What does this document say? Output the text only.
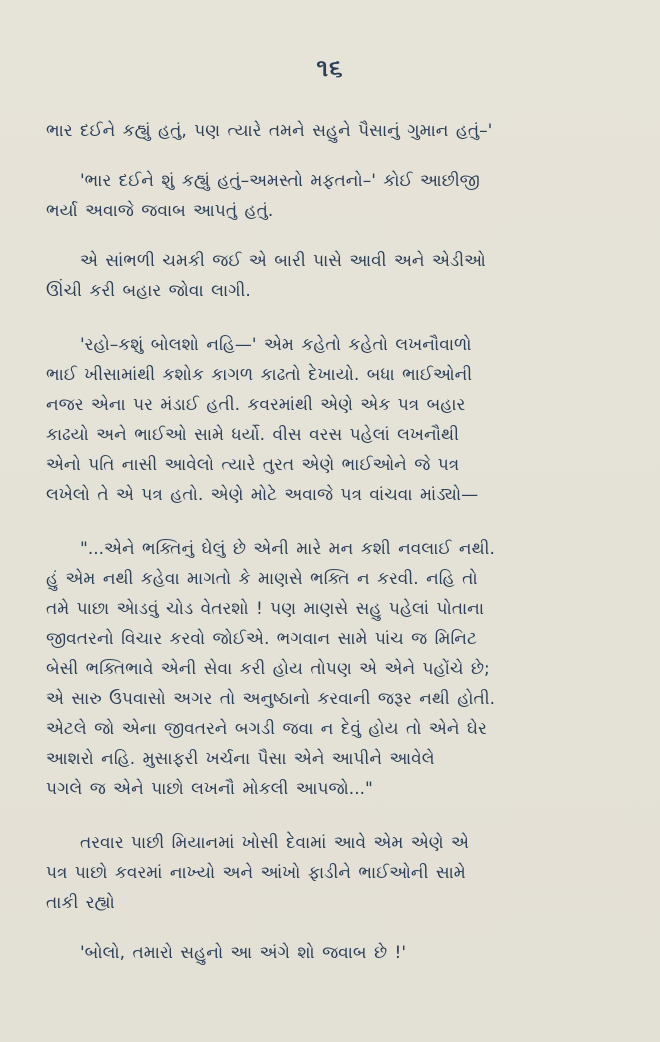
૧૬

ભાર દઈને કહ્યું હતું, પણ ત્યારે તમને સહુને પૈસાનું ગુમાન હતું–'

'ભાર દઈને શું કહ્યું હતું–અમસ્તો મફતનો–' કોઈ આછીજી
ભર્યા અવાજે જવાબ આપતું હતું.

એ સાંભળી ચમકી જઈ એ બારી પાસે આવી અને એડીઓ
ઊંચી કરી બહાર જોવા લાગી.

'રહો–કશું બોલશો નહિ—' એમ કહેતો કહેતો લખનૌવાળો
ભાઈ ખીસામાંથી કશોક કાગળ કાઢતો દેખાયો. બધા ભાઈઓની
નજર એના પર મંડાઈ હતી. કવરમાંથી એણે એક પત્ર બહાર
કાઢયો અને ભાઈઓ સામે ધર્યો. વીસ વરસ પહેલાં લખનૌથી
એનો પતિ નાસી આવેલો ત્યારે તુરત એણે ભાઈઓને જે પત્ર
લખેલો તે એ પત્ર હતો. એણે મોટે અવાજે પત્ર વાંચવા માંડ્યો—

"...એને ભક્તિનું ઘેલું છે એની મારે મન કશી નવલાઈ નથી.
હું એમ નથી કહેવા માગતો કે માણસે ભક્તિ ન કરવી. નહિ તો
તમે પાછા એાડવું ચોડ વેતરશો ! પણ માણસે સહુ પહેલાં પોતાના
જીવતરનો વિચાર કરવો જોઈએ. ભગવાન સામે પાંચ જ મિનિટ
બેસી ભક્તિભાવે એની સેવા કરી હોય તોપણ એ એને પહોંચે છે;
એ સારુ ઉપવાસો અગર તો અનુષ્ઠાનો કરવાની જરૂર નથી હોતી.
એટલે જો એના જીવતરને બગડી જવા ન દેવું હોય તો એને ઘેર
આશરો નહિ. મુસાફરી ખર્ચના પૈસા એને આપીને આવેલે
પગલે જ એને પાછો લખનૌ મોકલી આપજો..."

તરવાર પાછી મિયાનમાં ખોસી દેવામાં આવે એમ એણે એ
પત્ર પાછો કવરમાં નાખ્યો અને આંખો ફાડીને ભાઈઓની સામે
તાકી રહ્યો

'બોલો, તમારો સહુનો આ અંગે શો જવાબ છે !'
